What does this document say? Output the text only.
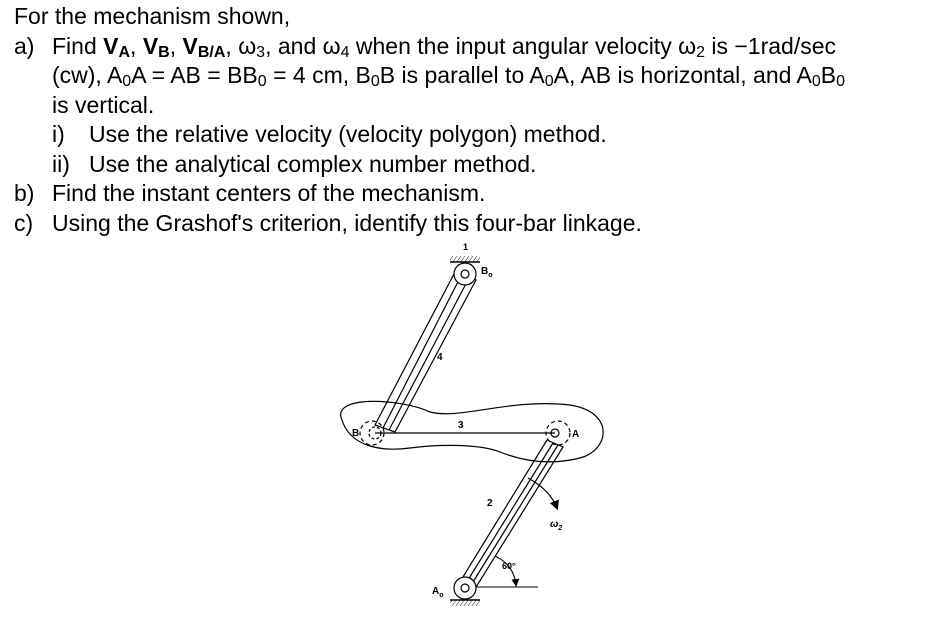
For the mechanism shown,
a) Find $V_A$, $V_B$, $V_{B/A}$, $\omega_3$, and $\omega_4$ when the input angular velocity $\omega_2$ is −1rad/sec
(cw), $A_0A$ = AB = $BB_0 = 4$ cm, $B_0B$ is parallel to $A_0A$, AB is horizontal, and $A_0B_0$
is vertical.
i) Use the relative velocity (velocity polygon) method.
ii) Use the analytical complex number method.
b) Find the instant centers of the mechanism.
c) Using the Grashof's criterion, identify this four-bar linkage.
1
4
$B_o$
3
B	A
2
$\omega_2$
60°
$A_o$
